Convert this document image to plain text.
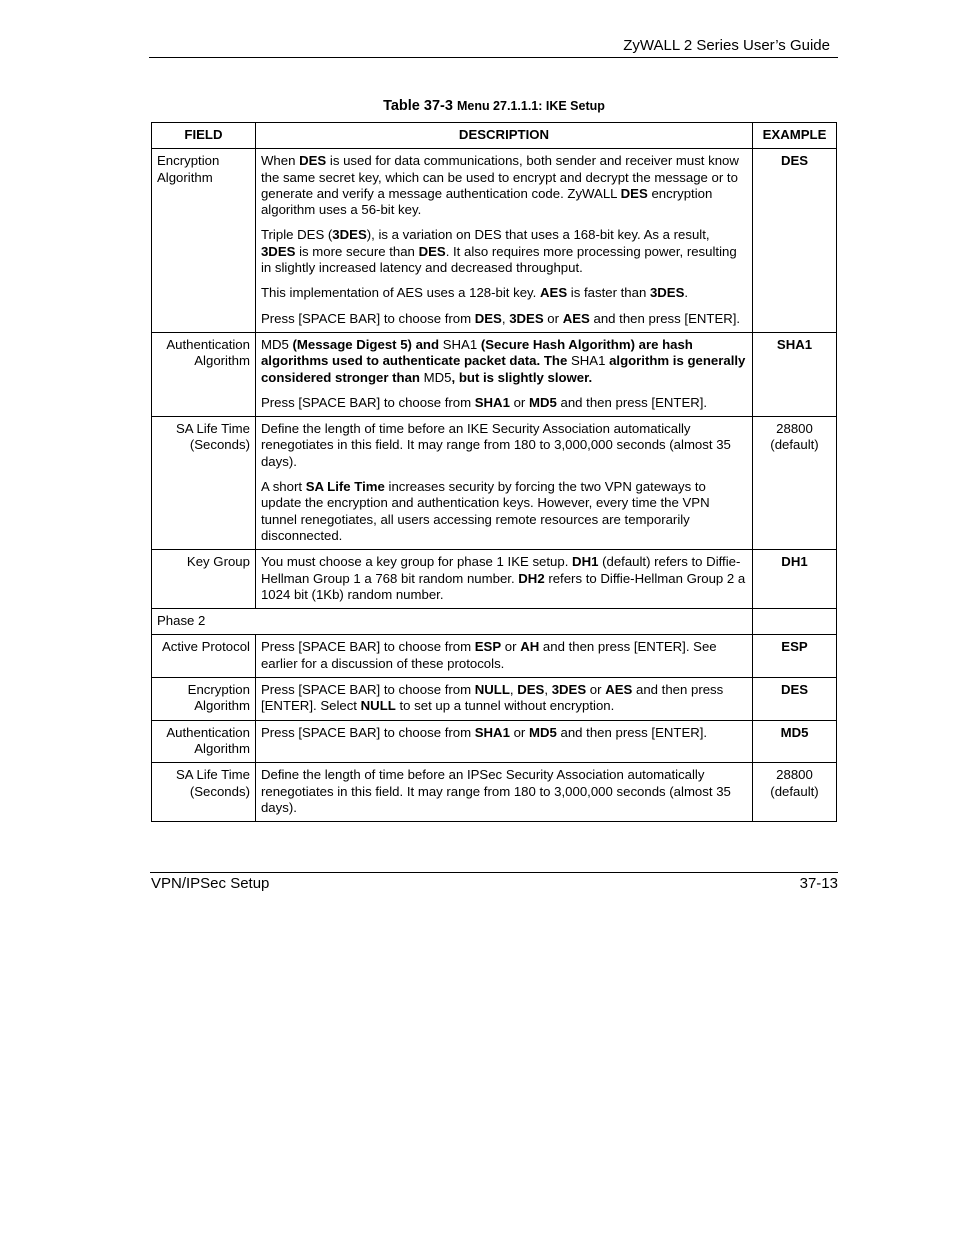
ZyWALL 2 Series User’s Guide
Table 37-3 Menu 27.1.1.1: IKE Setup
FIELD	DESCRIPTION	EXAMPLE
Encryption Algorithm	When DES is used for data communications, both sender and receiver must know the same secret key, which can be used to encrypt and decrypt the message or to generate and verify a message authentication code. ZyWALL DES encryption algorithm uses a 56-bit key.

Triple DES (3DES), is a variation on DES that uses a 168-bit key. As a result, 3DES is more secure than DES. It also requires more processing power, resulting in slightly increased latency and decreased throughput.

This implementation of AES uses a 128-bit key. AES is faster than 3DES.

Press [SPACE BAR] to choose from DES, 3DES or AES and then press [ENTER].	DES
Authentication Algorithm	MD5 (Message Digest 5) and SHA1 (Secure Hash Algorithm) are hash algorithms used to authenticate packet data. The SHA1 algorithm is generally considered stronger than MD5, but is slightly slower.

Press [SPACE BAR] to choose from SHA1 or MD5 and then press [ENTER].	SHA1
SA Life Time (Seconds)	Define the length of time before an IKE Security Association automatically renegotiates in this field. It may range from 180 to 3,000,000 seconds (almost 35 days).

A short SA Life Time increases security by forcing the two VPN gateways to update the encryption and authentication keys. However, every time the VPN tunnel renegotiates, all users accessing remote resources are temporarily disconnected.	28800 (default)
Key Group	You must choose a key group for phase 1 IKE setup. DH1 (default) refers to Diffie-Hellman Group 1 a 768 bit random number. DH2 refers to Diffie-Hellman Group 2 a 1024 bit (1Kb) random number.	DH1
Phase 2		
Active Protocol	Press [SPACE BAR] to choose from ESP or AH and then press [ENTER]. See earlier for a discussion of these protocols.	ESP
Encryption Algorithm	Press [SPACE BAR] to choose from NULL, DES, 3DES or AES and then press [ENTER]. Select NULL to set up a tunnel without encryption.	DES
Authentication Algorithm	Press [SPACE BAR] to choose from SHA1 or MD5 and then press [ENTER].	MD5
SA Life Time (Seconds)	Define the length of time before an IPSec Security Association automatically renegotiates in this field. It may range from 180 to 3,000,000 seconds (almost 35 days).	28800 (default)
VPN/IPSec Setup	37-13
